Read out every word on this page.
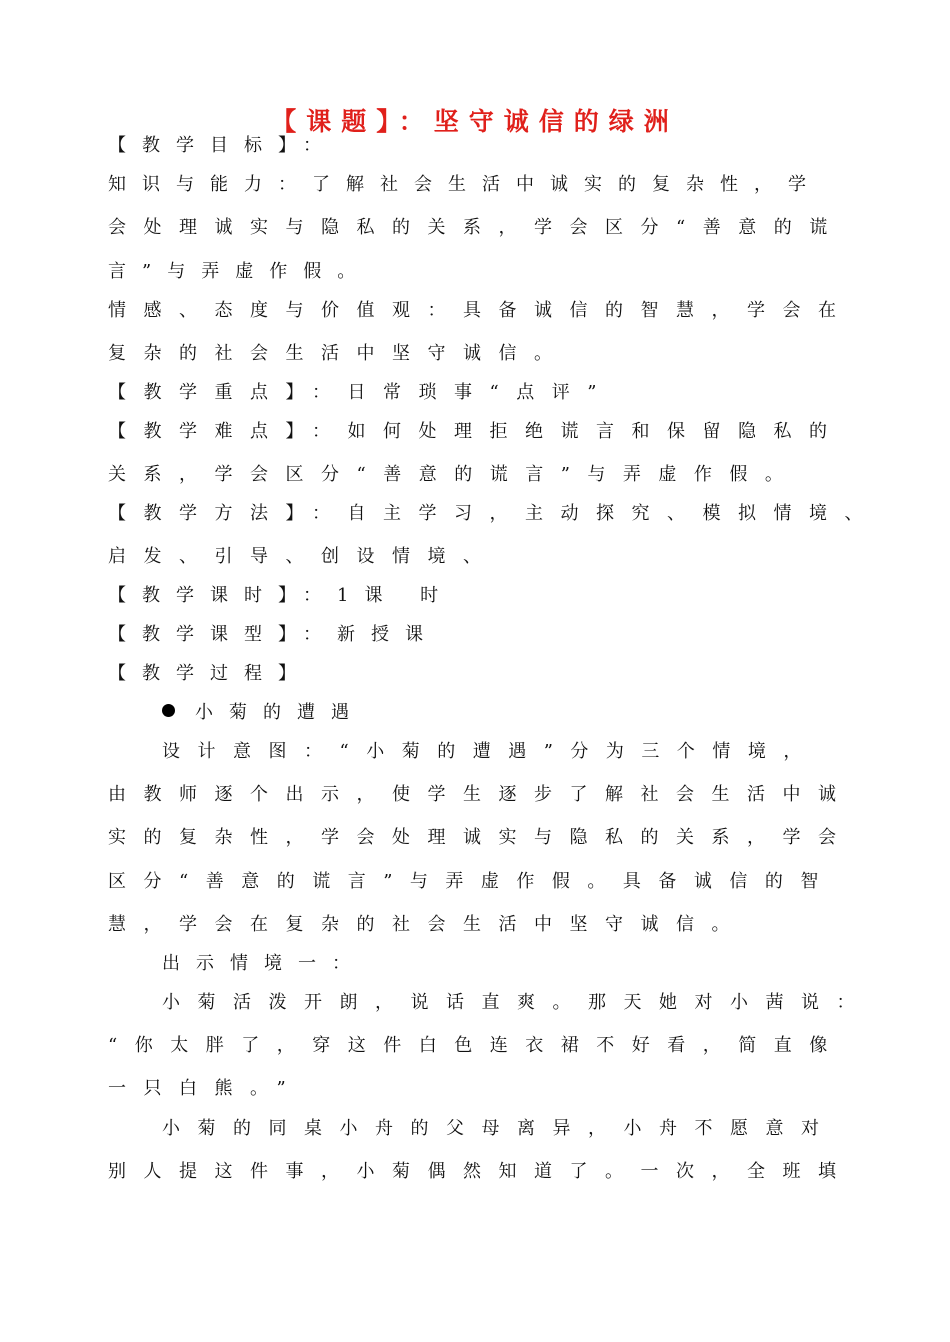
【课题】：坚守诚信的绿洲
【教学目标】：
知识与能力：了解社会生活中诚实的复杂性，学
会处理诚实与隐私的关系，学会区分“善意的谎
言”与弄虚作假。
情感、态度与价值观：具备诚信的智慧，学会在
复杂的社会生活中坚守诚信。
【教学重点】：日常琐事“点评”
【教学难点】：如何处理拒绝谎言和保留隐私的
关系，学会区分“善意的谎言”与弄虚作假。
【教学方法】：自主学习，主动探究、模拟情境、
启发、引导、创设情境、
【教学课时】：1课 时
【教学课型】：新授课
【教学过程】
小菊的遭遇
设计意图：“小菊的遭遇”分为三个情境，
由教师逐个出示，使学生逐步了解社会生活中诚
实的复杂性，学会处理诚实与隐私的关系，学会
区分“善意的谎言”与弄虚作假。具备诚信的智
慧，学会在复杂的社会生活中坚守诚信。
出示情境一：
小菊活泼开朗，说话直爽。那天她对小茜说：
“你太胖了，穿这件白色连衣裙不好看，简直像
一只白熊。”
小菊的同桌小舟的父母离异，小舟不愿意对
别人提这件事，小菊偶然知道了。一次，全班填
